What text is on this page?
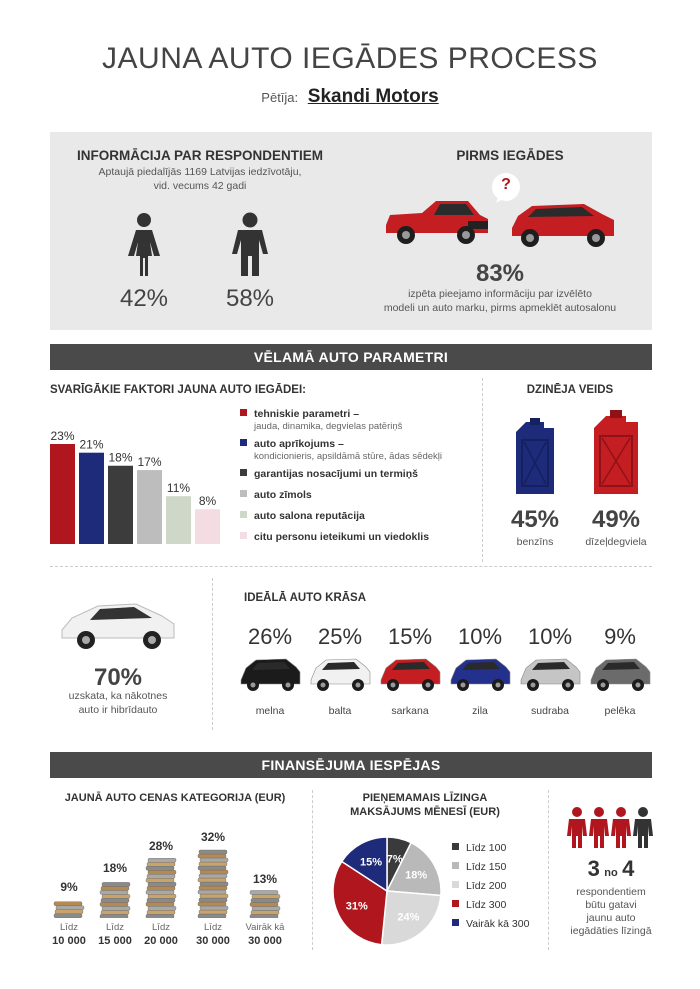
JAUNA AUTO IEGĀDES PROCESS
Pētīja: Skandi Motors
INFORMĀCIJA PAR RESPONDENTIEM
Aptaujā piedalījās 1169 Latvijas iedzīvotāju,
vid. vecums 42 gadi
42%	58%
PIRMS IEGĀDES
?
83%
izpēta pieejamo informāciju par izvēlēto
modeli un auto marku, pirms apmeklēt autosalonu
VĒLAMĀ AUTO PARAMETRI
SVARĪGĀKIE FAKTORI JAUNA AUTO IEGĀDEI:
23%
21%
18% 17%
11%
8%
tehniskie parametri –
jauda, dinamika, degvielas patēriņš
auto aprīkojums –
kondicionieris, apsildāmā stūre, ādas sēdekļi
garantijas nosacījumi un termiņš
auto zīmols
auto salona reputācija
citu personu ieteikumi un viedoklis
DZINĒJA VEIDS
45%
benzīns
49%
dīzeļdegviela
70%
uzskata, ka nākotnes
auto ir hibrīdauto
IDEĀLĀ AUTO KRĀSA
26%
melna
25%
balta
15%
sarkana
10%
zila
10%
sudraba
9%
pelēka
FINANSĒJUMA IESPĒJAS
JAUNĀ AUTO CENAS KATEGORIJA (EUR)
9%
Līdz
10 000
18%
Līdz
15 000
28%
Līdz
20 000
32%
Līdz
30 000
13%
Vairāk kā
30 000
PIEŅEMAMAIS LĪZINGA
MAKSĀJUMS MĒNESĪ (EUR)
7%
18%
24%
31%
15%
Līdz 100
Līdz 150
Līdz 200
Līdz 300
Vairāk kā 300
3 no 4
respondentiem
būtu gatavi
jaunu auto
iegādāties līzingā
